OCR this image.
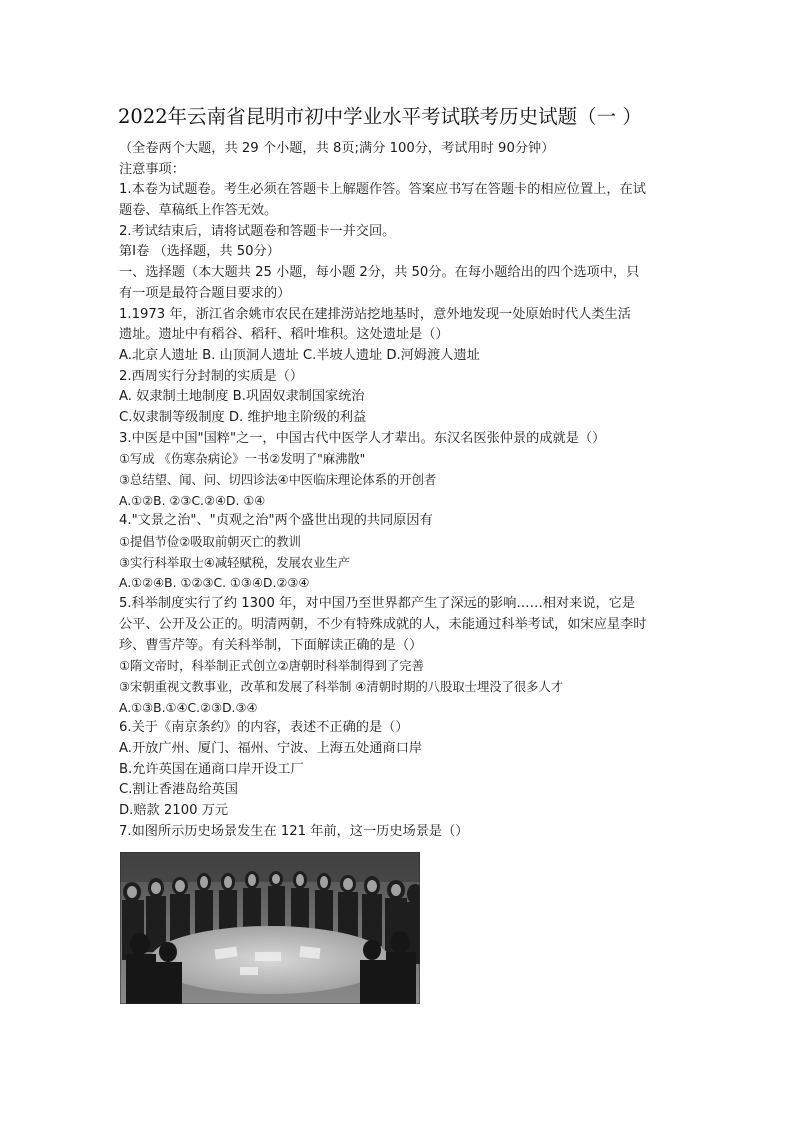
2022年云南省昆明市初中学业水平考试联考历史试题（一 ）
（全卷两个大题，共 29 个小题，共 8页;满分 100分，考试用时 90分钟）
注意事项：
1.本卷为试题卷。考生必须在答题卡上解题作答。答案应书写在答题卡的相应位置上，在试
题卷、草稿纸上作答无效。
2.考试结束后，请将试题卷和答题卡一并交回。
第Ⅰ卷 （选择题，共 50分）
一、选择题（本大题共 25 小题，每小题 2分，共 50分。在每小题给出的四个选项中，只
有一项是最符合题目要求的）
1.1973 年，浙江省余姚市农民在建排涝站挖地基时，意外地发现一处原始时代人类生活
遗址。遗址中有稻谷、稻秆、稻叶堆积。这处遗址是（）
A.北京人遗址 B. 山顶洞人遗址 C.半坡人遗址 D.河姆渡人遗址
2.西周实行分封制的实质是（）
A. 奴隶制土地制度 B.巩固奴隶制国家统治
C.奴隶制等级制度 D. 维护地主阶级的利益
3.中医是中国"国粹"之一，中国古代中医学人才辈出。东汉名医张仲景的成就是（）
①写成 《伤寒杂病论》一书②发明了"麻沸散"
③总结望、闻、问、切四诊法④中医临床理论体系的开创者
A.①②B. ②③C.②④D. ①④
4."文景之治"、"贞观之治"两个盛世出现的共同原因有
①提倡节俭②吸取前朝灭亡的教训
③实行科举取士④减轻赋税，发展农业生产
A.①②④B. ①②③C. ①③④D.②③④
5.科举制度实行了约 1300 年，对中国乃至世界都产生了深远的影响……相对来说，它是
公平、公开及公正的。明清两朝，不少有特殊成就的人，未能通过科举考试，如宋应星李时
珍、曹雪芹等。有关科举制，下面解读正确的是（）
①隋文帝时，科举制正式创立②唐朝时科举制得到了完善
③宋朝重视文教事业，改革和发展了科举制 ④清朝时期的八股取士埋没了很多人才
A.①③B.①④C.②③D.③④
6.关于《南京条约》的内容，表述不正确的是（）
A.开放广州、厦门、福州、宁波、上海五处通商口岸
B.允许英国在通商口岸开设工厂
C.割让香港岛给英国
D.赔款 2100 万元
7.如图所示历史场景发生在 121 年前，这一历史场景是（）
